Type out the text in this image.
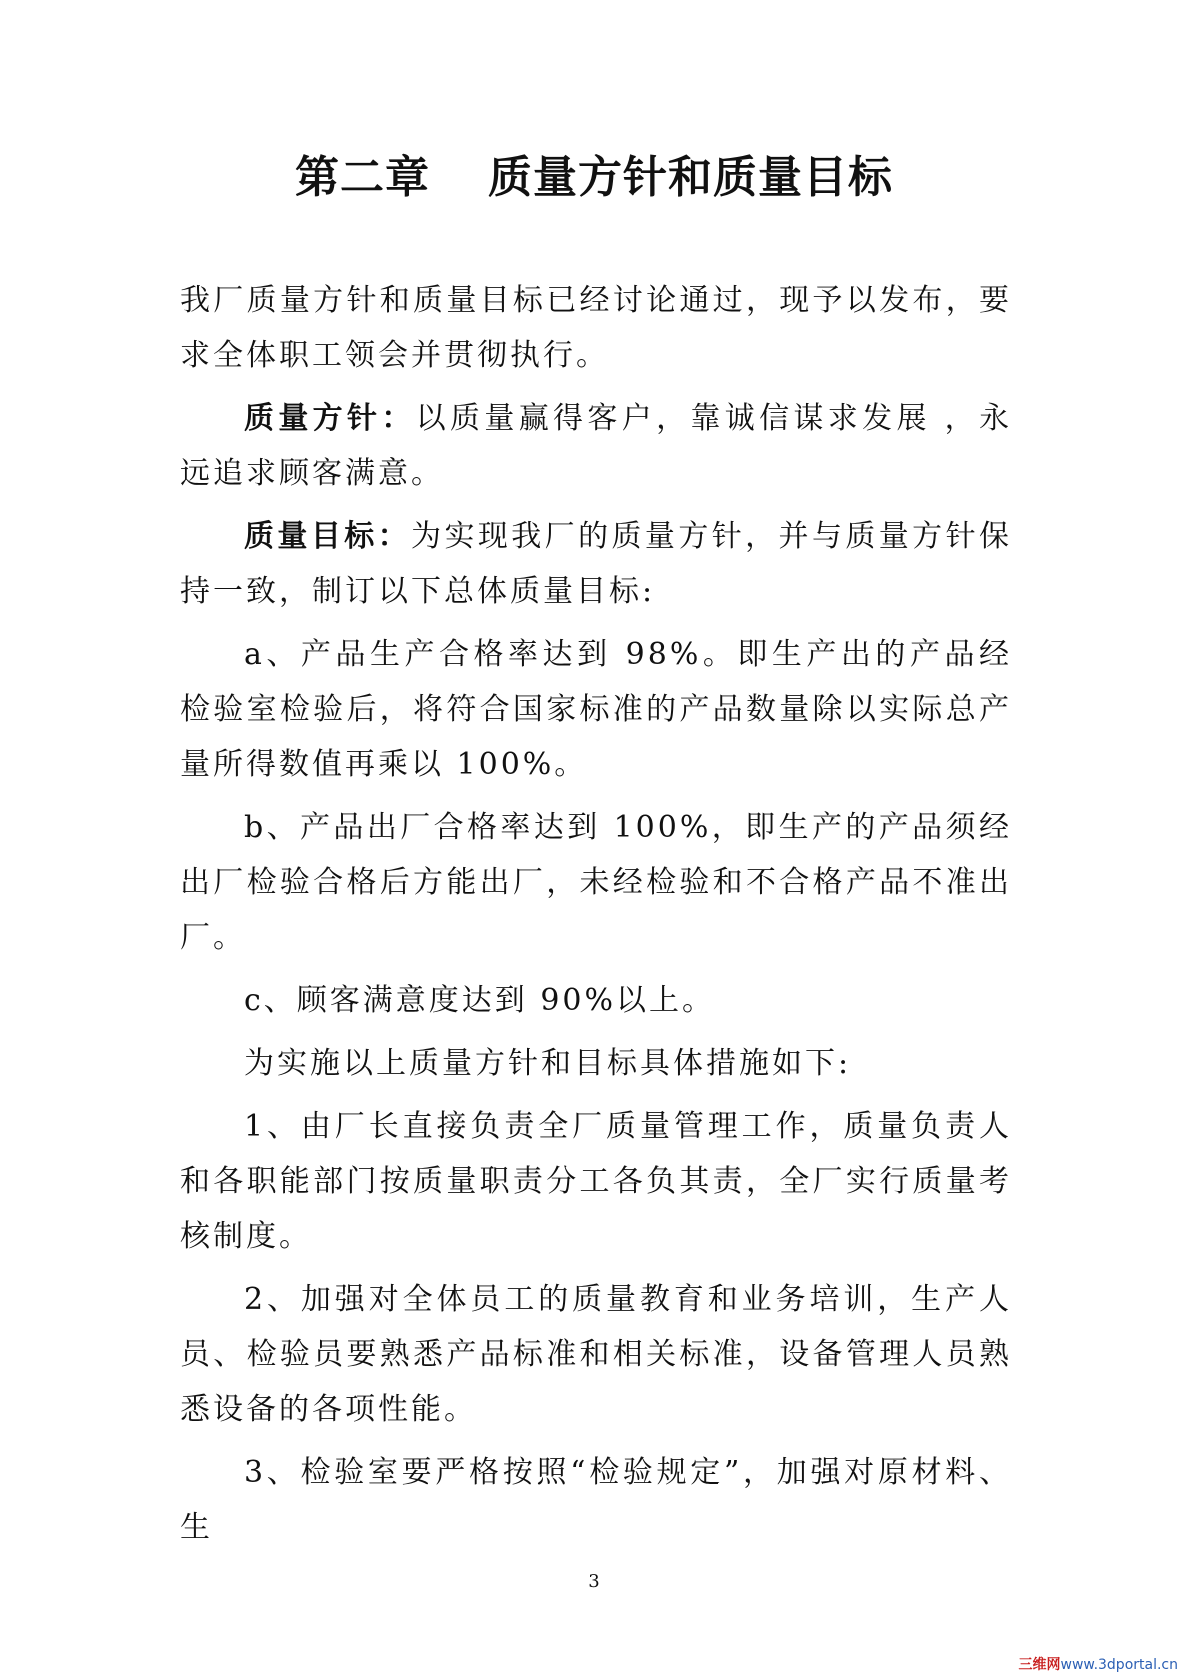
第二章 质量方针和质量目标

我厂质量方针和质量目标已经讨论通过，现予以发布，要求全体职工领会并贯彻执行。

质量方针：以质量赢得客户，靠诚信谋求发展 ，永远追求顾客满意。

质量目标：为实现我厂的质量方针，并与质量方针保持一致，制订以下总体质量目标:

a、产品生产合格率达到 98%。即生产出的产品经检验室检验后，将符合国家标准的产品数量除以实际总产量所得数值再乘以 100%。

b、产品出厂合格率达到 100%，即生产的产品须经出厂检验合格后方能出厂，未经检验和不合格产品不准出厂。

c、顾客满意度达到 90%以上。

为实施以上质量方针和目标具体措施如下:

1、由厂长直接负责全厂质量管理工作，质量负责人和各职能部门按质量职责分工各负其责，全厂实行质量考核制度。

2、加强对全体员工的质量教育和业务培训，生产人员、检验员要熟悉产品标准和相关标准，设备管理人员熟悉设备的各项性能。

3、检验室要严格按照“检验规定”，加强对原材料、生

3
三维网www.3dportal.cn
